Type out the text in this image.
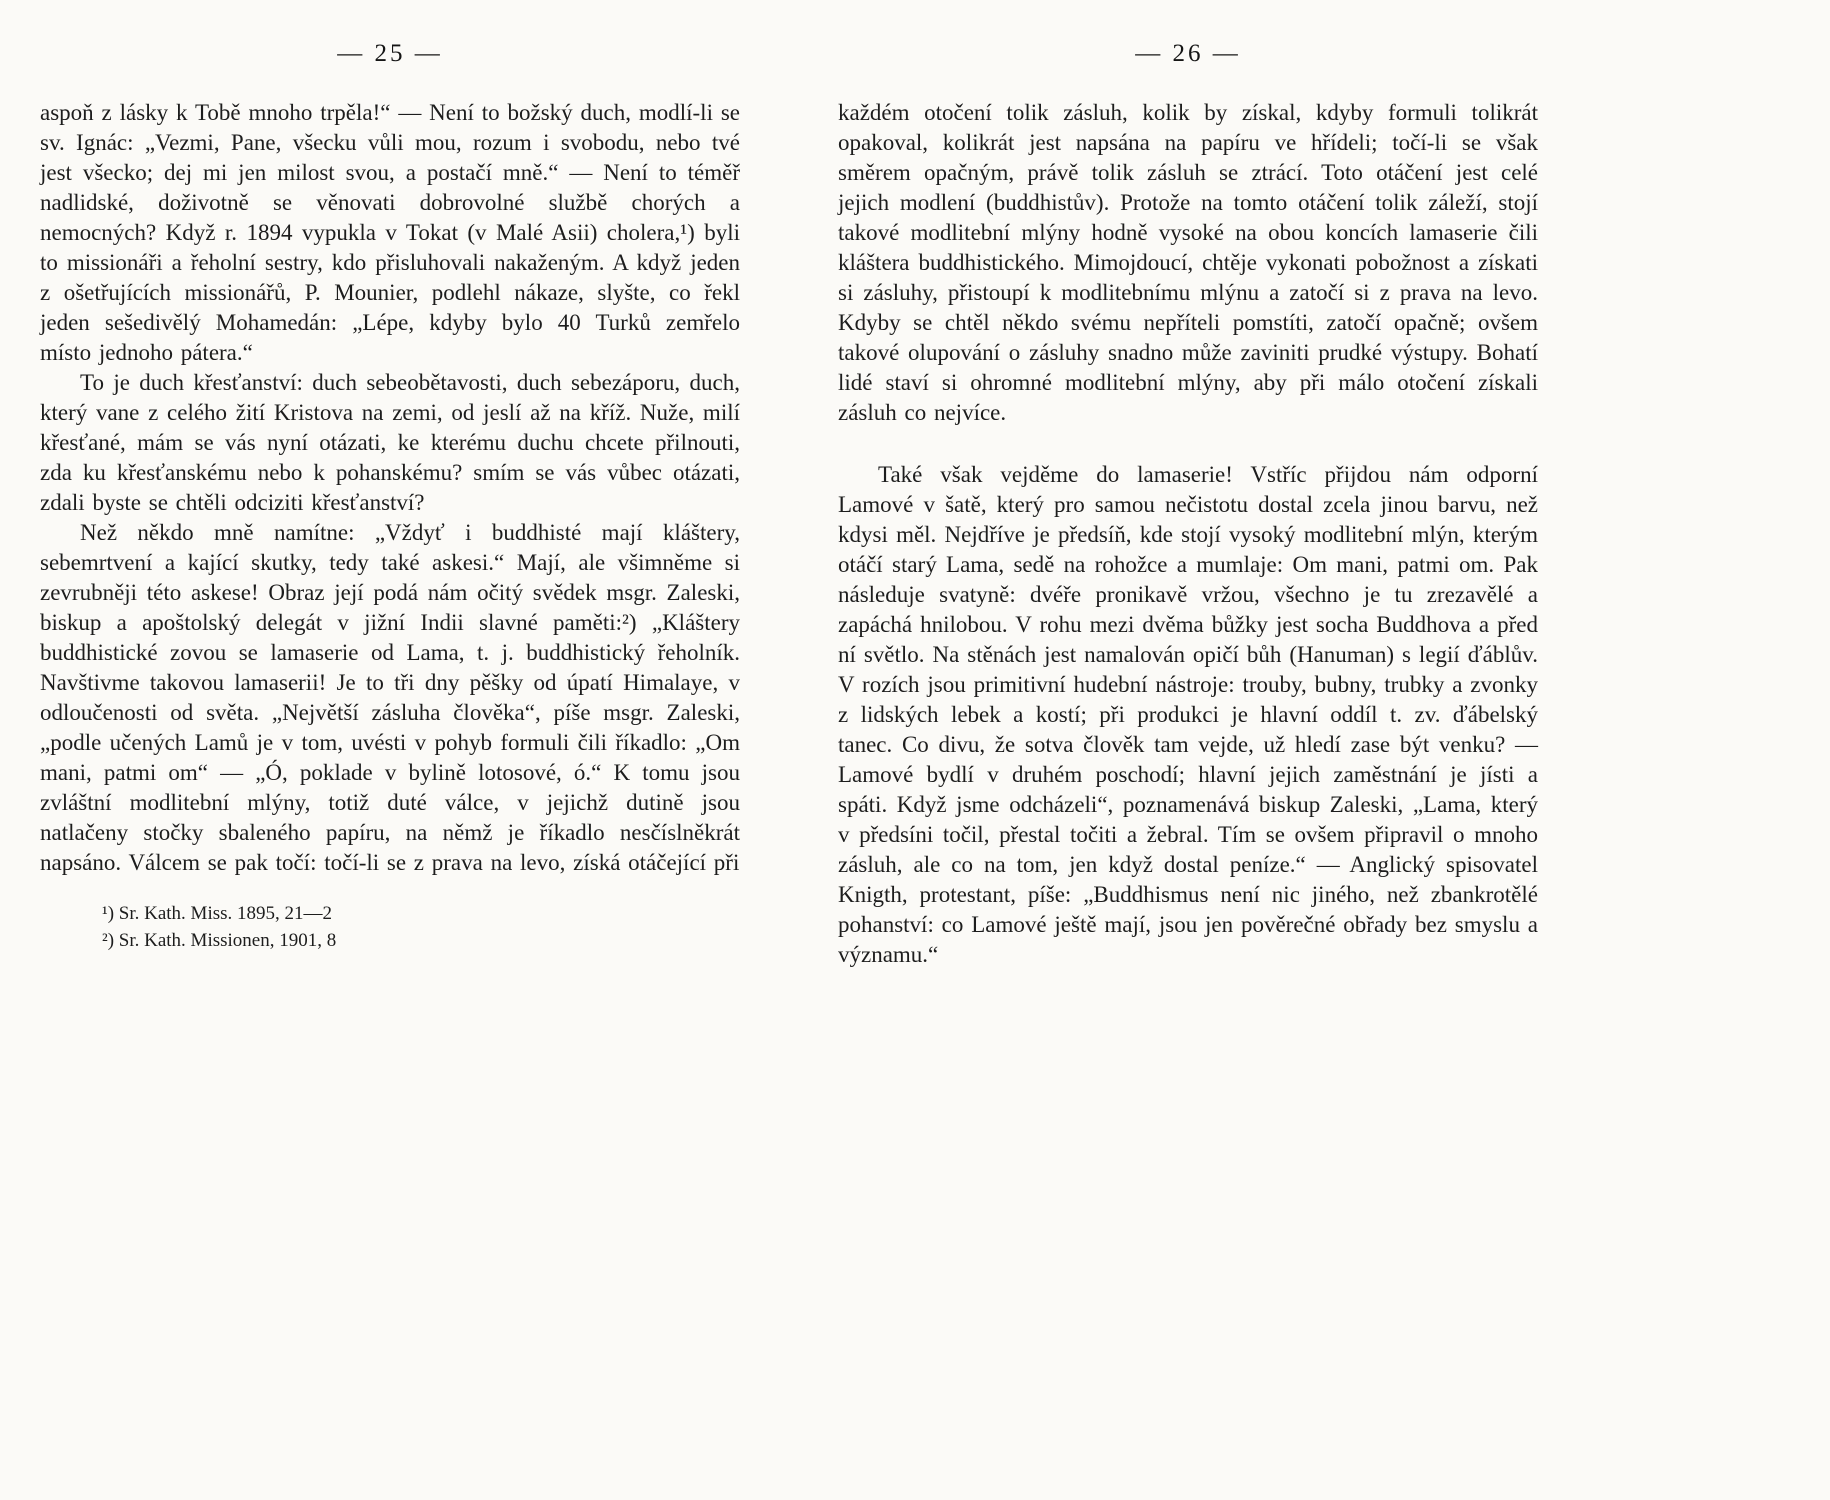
— 25 —

aspoň z lásky k Tobě mnoho trpěla!“ — Není to božský duch, modlí-li se sv. Ignác: „Vezmi, Pane, všecku vůli mou, rozum i svobodu, nebo tvé jest všecko; dej mi jen milost svou, a postačí mně.“ — Není to téměř nadlidské, doživotně se věnovati dobrovolné službě chorých a nemocných? Když r. 1894 vypukla v Tokat (v Malé Asii) cholera,¹) byli to missionáři a řeholní sestry, kdo přisluhovali nakaženým. A když jeden z ošetřujících missionářů, P. Mounier, podlehl nákaze, slyšte, co řekl jeden sešedivělý Mohamedán: „Lépe, kdyby bylo 40 Turků zemřelo místo jednoho pátera.“

To je duch křesťanství: duch sebeobětavosti, duch sebezáporu, duch, který vane z celého žití Kristova na zemi, od jeslí až na kříž. Nuže, milí křesťané, mám se vás nyní otázati, ke kterému duchu chcete přilnouti, zda ku křesťanskému nebo k pohanskému? smím se vás vůbec otázati, zdali byste se chtěli odciziti křesťanství?

Než někdo mně namítne: „Vždyť i buddhisté mají kláštery, sebemrtvení a kající skutky, tedy také askesi.“ Mají, ale všimněme si zevrubněji této askese! Obraz její podá nám očitý svědek msgr. Zaleski, biskup a apoštolský delegát v jižní Indii slavné paměti:²) „Kláštery buddhistické zovou se lamaserie od Lama, t. j. buddhistický řeholník. Navštivme takovou lamaserii! Je to tři dny pěšky od úpatí Himalaye, v odloučenosti od světa. „Největší zásluha člověka“, píše msgr. Zaleski, „podle učených Lamů je v tom, uvésti v pohyb formuli čili říkadlo: „Om mani, patmi om“ — „Ó, poklade v bylině lotosové, ó.“ K tomu jsou zvláštní modlitební mlýny, totiž duté válce, v jejichž dutině jsou natlačeny stočky sbaleného papíru, na němž je říkadlo nesčíslněkrát napsáno. Válcem se pak točí: točí-li se z prava na levo, získá otáčející při

¹) Sr. Kath. Miss. 1895, 21—2
²) Sr. Kath. Missionen, 1901, 8
— 26 —

každém otočení tolik zásluh, kolik by získal, kdyby formuli tolikrát opakoval, kolikrát jest napsána na papíru ve hřídeli; točí-li se však směrem opačným, právě tolik zásluh se ztrácí. Toto otáčení jest celé jejich modlení (buddhistův). Protože na tomto otáčení tolik záleží, stojí takové modlitební mlýny hodně vysoké na obou koncích lamaserie čili kláštera buddhistického. Mimojdoucí, chtěje vykonati pobožnost a získati si zásluhy, přistoupí k modlitebnímu mlýnu a zatočí si z prava na levo. Kdyby se chtěl někdo svému nepříteli pomstíti, zatočí opačně; ovšem takové olupování o zásluhy snadno může zaviniti prudké výstupy. Bohatí lidé staví si ohromné modlitební mlýny, aby při málo otočení získali zásluh co nejvíce.

Také však vejděme do lamaserie! Vstříc přijdou nám odporní Lamové v šatě, který pro samou nečistotu dostal zcela jinou barvu, než kdysi měl. Nejdříve je předsíň, kde stojí vysoký modlitební mlýn, kterým otáčí starý Lama, sedě na rohožce a mumlaje: Om mani, patmi om. Pak následuje svatyně: dvéře pronikavě vržou, všechno je tu zrezavělé a zapáchá hnilobou. V rohu mezi dvěma bůžky jest socha Buddhova a před ní světlo. Na stěnách jest namalován opičí bůh (Hanuman) s legií ďáblův. V rozích jsou primitivní hudební nástroje: trouby, bubny, trubky a zvonky z lidských lebek a kostí; při produkci je hlavní oddíl t. zv. ďábelský tanec. Co divu, že sotva člověk tam vejde, už hledí zase být venku? — Lamové bydlí v druhém poschodí; hlavní jejich zaměstnání je jísti a spáti. Když jsme odcházeli“, poznamenává biskup Zaleski, „Lama, který v předsíni točil, přestal točiti a žebral. Tím se ovšem připravil o mnoho zásluh, ale co na tom, jen když dostal peníze.“ — Anglický spisovatel Knigth, protestant, píše: „Buddhismus není nic jiného, než zbankrotělé pohanství: co Lamové ještě mají, jsou jen pověrečné obřady bez smyslu a významu.“
